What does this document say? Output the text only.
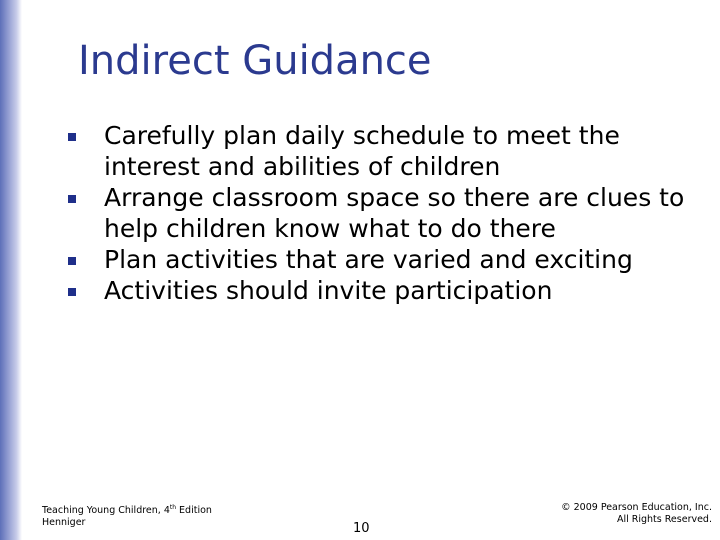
Indirect Guidance
Carefully plan daily schedule to meet the interest and abilities of children
Arrange classroom space so there are clues to help children know what to do there
Plan activities that are varied and exciting
Activities should invite participation
Teaching Young Children, 4th Edition
Henniger	10
© 2009 Pearson Education, Inc.
All Rights Reserved.
